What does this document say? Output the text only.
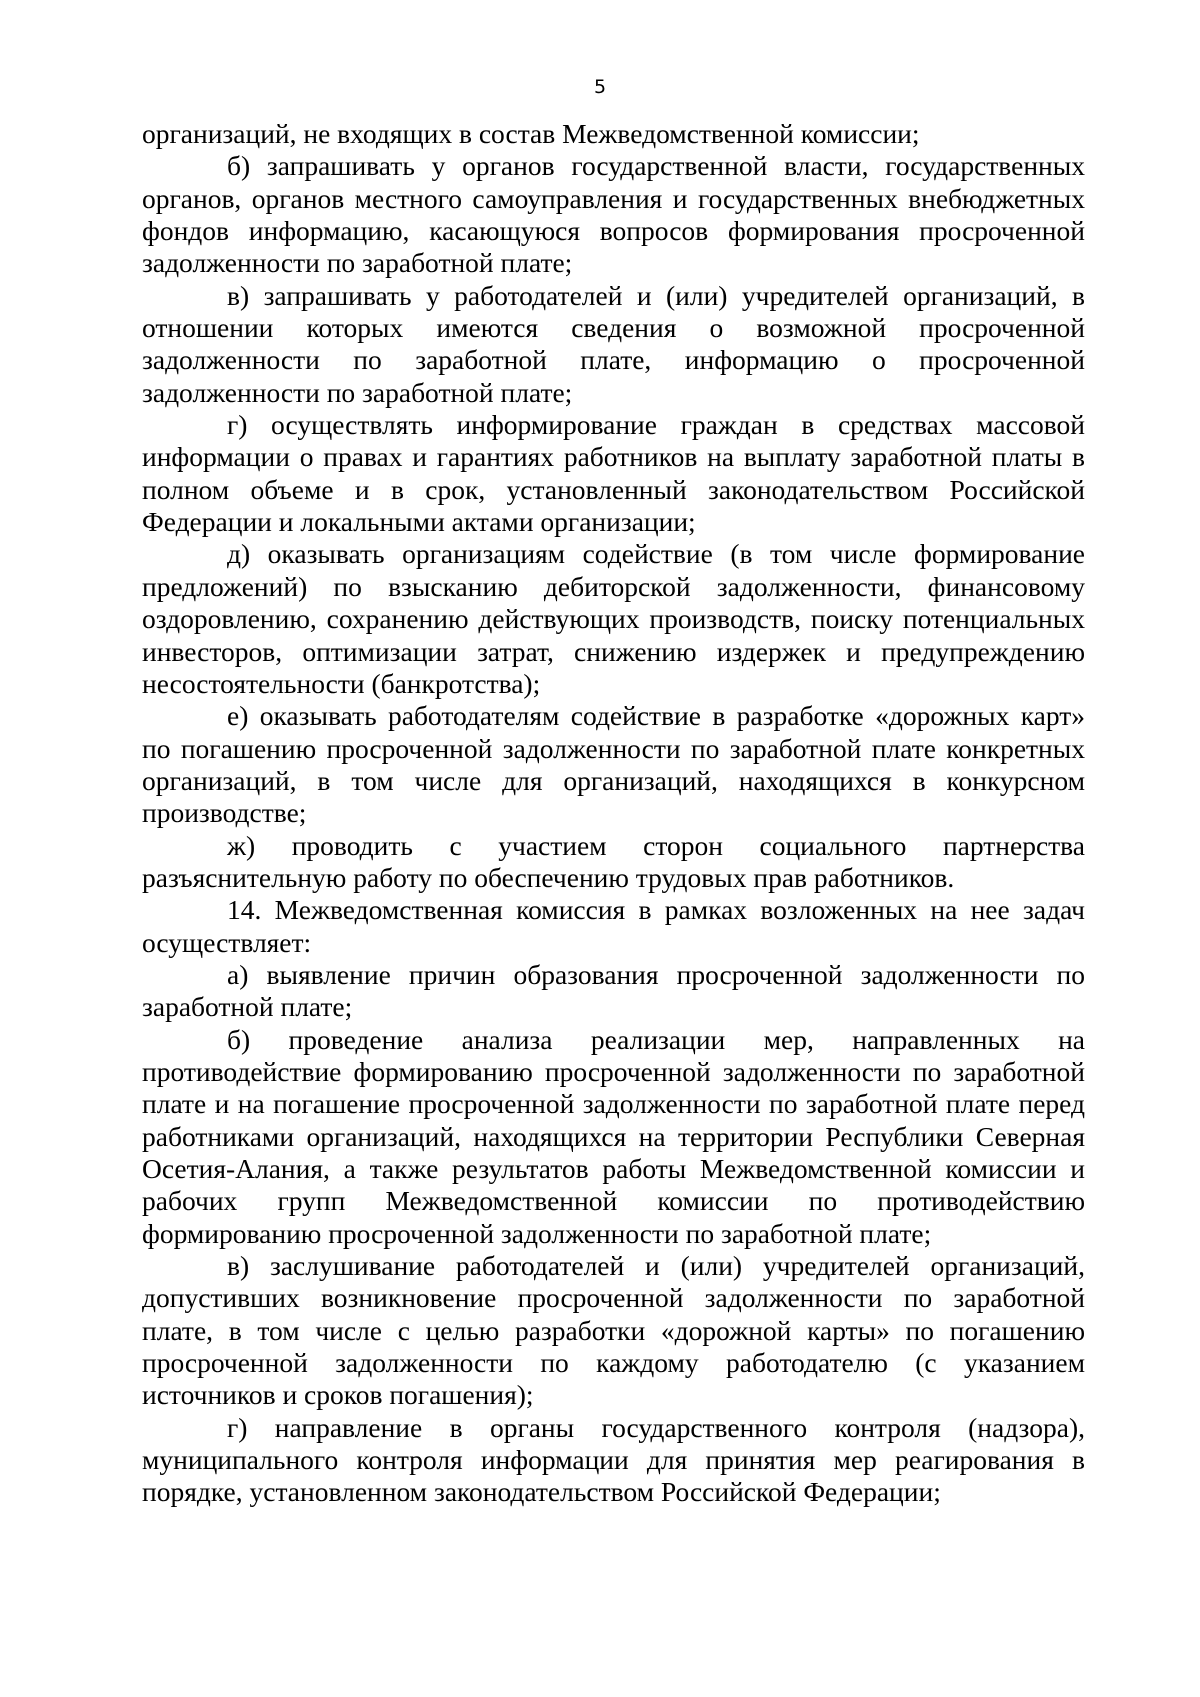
5

организаций, не входящих в состав Межведомственной комиссии;

б) запрашивать у органов государственной власти, государственных органов, органов местного самоуправления и государственных внебюджетных фондов информацию, касающуюся вопросов формирования просроченной задолженности по заработной плате;

в) запрашивать у работодателей и (или) учредителей организаций, в отношении которых имеются сведения о возможной просроченной задолженности по заработной плате, информацию о просроченной задолженности по заработной плате;

г) осуществлять информирование граждан в средствах массовой информации о правах и гарантиях работников на выплату заработной платы в полном объеме и в срок, установленный законодательством Российской Федерации и локальными актами организации;

д) оказывать организациям содействие (в том числе формирование предложений) по взысканию дебиторской задолженности, финансовому оздоровлению, сохранению действующих производств, поиску потенциальных инвесторов, оптимизации затрат, снижению издержек и предупреждению несостоятельности (банкротства);

е) оказывать работодателям содействие в разработке «дорожных карт» по погашению просроченной задолженности по заработной плате конкретных организаций, в том числе для организаций, находящихся в конкурсном производстве;

ж) проводить с участием сторон социального партнерства разъяснительную работу по обеспечению трудовых прав работников.

14. Межведомственная комиссия в рамках возложенных на нее задач осуществляет:

а) выявление причин образования просроченной задолженности по заработной плате;

б) проведение анализа реализации мер, направленных на противодействие формированию просроченной задолженности по заработной плате и на погашение просроченной задолженности по заработной плате перед работниками организаций, находящихся на территории Республики Северная Осетия-Алания, а также результатов работы Межведомственной комиссии и рабочих групп Межведомственной комиссии по противодействию формированию просроченной задолженности по заработной плате;

в) заслушивание работодателей и (или) учредителей организаций, допустивших возникновение просроченной задолженности по заработной плате, в том числе с целью разработки «дорожной карты» по погашению просроченной задолженности по каждому работодателю (с указанием источников и сроков погашения);

г) направление в органы государственного контроля (надзора), муниципального контроля информации для принятия мер реагирования в порядке, установленном законодательством Российской Федерации;
